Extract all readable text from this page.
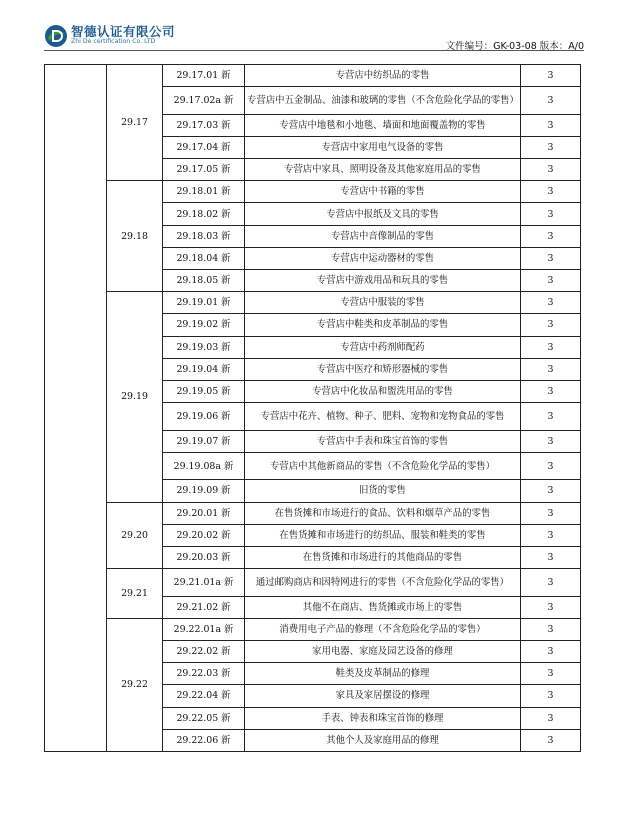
智德认证有限公司
Zhi De certification Co. LTD	文件编号：GK-03-08 版本：A/0
	29.17	29.17.01 新	专营店中纺织品的零售	3
		29.17.02a 新	专营店中五金制品、油漆和玻璃的零售（不含危险化学品的零售）	3
		29.17.03 新	专营店中地毯和小地毯、墙面和地面覆盖物的零售	3
		29.17.04 新	专营店中家用电气设备的零售	3
		29.17.05 新	专营店中家具、照明设备及其他家庭用品的零售	3
	29.18	29.18.01 新	专营店中书籍的零售	3
		29.18.02 新	专营店中报纸及文具的零售	3
		29.18.03 新	专营店中音像制品的零售	3
		29.18.04 新	专营店中运动器材的零售	3
		29.18.05 新	专营店中游戏用品和玩具的零售	3
	29.19	29.19.01 新	专营店中服装的零售	3
		29.19.02 新	专营店中鞋类和皮革制品的零售	3
		29.19.03 新	专营店中药剂师配药	3
		29.19.04 新	专营店中医疗和矫形器械的零售	3
		29.19.05 新	专营店中化妆品和盥洗用品的零售	3
		29.19.06 新	专营店中花卉、植物、种子、肥料、宠物和宠物食品的零售	3
		29.19.07 新	专营店中手表和珠宝首饰的零售	3
		29.19.08a 新	专营店中其他新商品的零售（不含危险化学品的零售）	3
		29.19.09 新	旧货的零售	3
	29.20	29.20.01 新	在售货摊和市场进行的食品、饮料和烟草产品的零售	3
		29.20.02 新	在售货摊和市场进行的纺织品、服装和鞋类的零售	3
		29.20.03 新	在售货摊和市场进行的其他商品的零售	3
	29.21	29.21.01a 新	通过邮购商店和因特网进行的零售（不含危险化学品的零售）	3
		29.21.02 新	其他不在商店、售货摊或市场上的零售	3
	29.22	29.22.01a 新	消费用电子产品的修理（不含危险化学品的零售）	3
		29.22.02 新	家用电器、家庭及园艺设备的修理	3
		29.22.03 新	鞋类及皮革制品的修理	3
		29.22.04 新	家具及家居摆设的修理	3
		29.22.05 新	手表、钟表和珠宝首饰的修理	3
		29.22.06 新	其他个人及家庭用品的修理	3
